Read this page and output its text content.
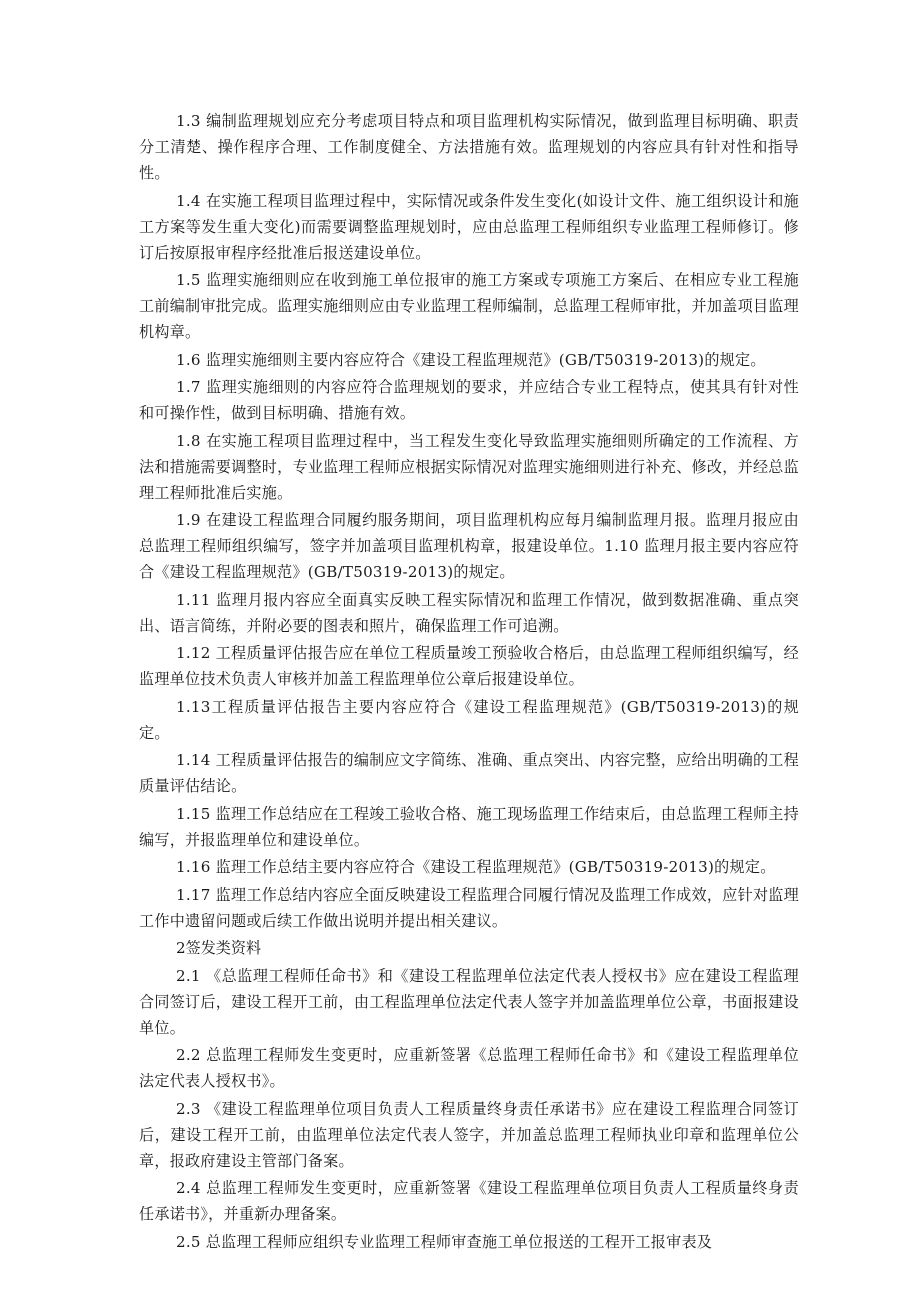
1.3 编制监理规划应充分考虑项目特点和项目监理机构实际情况，做到监理目标明确、职责分工清楚、操作程序合理、工作制度健全、方法措施有效。监理规划的内容应具有针对性和指导性。

1.4 在实施工程项目监理过程中，实际情况或条件发生变化(如设计文件、施工组织设计和施工方案等发生重大变化)而需要调整监理规划时，应由总监理工程师组织专业监理工程师修订。修订后按原报审程序经批准后报送建设单位。

1.5 监理实施细则应在收到施工单位报审的施工方案或专项施工方案后、在相应专业工程施工前编制审批完成。监理实施细则应由专业监理工程师编制，总监理工程师审批，并加盖项目监理机构章。

1.6 监理实施细则主要内容应符合《建设工程监理规范》(GB/T50319-2013)的规定。

1.7 监理实施细则的内容应符合监理规划的要求，并应结合专业工程特点，使其具有针对性和可操作性，做到目标明确、措施有效。

1.8 在实施工程项目监理过程中，当工程发生变化导致监理实施细则所确定的工作流程、方法和措施需要调整时，专业监理工程师应根据实际情况对监理实施细则进行补充、修改，并经总监理工程师批准后实施。

1.9 在建设工程监理合同履约服务期间，项目监理机构应每月编制监理月报。监理月报应由总监理工程师组织编写，签字并加盖项目监理机构章，报建设单位。1.10 监理月报主要内容应符合《建设工程监理规范》(GB/T50319-2013)的规定。

1.11 监理月报内容应全面真实反映工程实际情况和监理工作情况，做到数据准确、重点突出、语言简练，并附必要的图表和照片，确保监理工作可追溯。

1.12 工程质量评估报告应在单位工程质量竣工预验收合格后，由总监理工程师组织编写，经监理单位技术负责人审核并加盖工程监理单位公章后报建设单位。

1.13工程质量评估报告主要内容应符合《建设工程监理规范》(GB/T50319-2013)的规定。

1.14 工程质量评估报告的编制应文字简练、准确、重点突出、内容完整，应给出明确的工程质量评估结论。

1.15 监理工作总结应在工程竣工验收合格、施工现场监理工作结束后，由总监理工程师主持编写，并报监理单位和建设单位。

1.16 监理工作总结主要内容应符合《建设工程监理规范》(GB/T50319-2013)的规定。

1.17 监理工作总结内容应全面反映建设工程监理合同履行情况及监理工作成效，应针对监理工作中遗留问题或后续工作做出说明并提出相关建议。

2签发类资料

2.1 《总监理工程师任命书》和《建设工程监理单位法定代表人授权书》应在建设工程监理合同签订后，建设工程开工前，由工程监理单位法定代表人签字并加盖监理单位公章，书面报建设单位。

2.2 总监理工程师发生变更时，应重新签署《总监理工程师任命书》和《建设工程监理单位法定代表人授权书》。

2.3 《建设工程监理单位项目负责人工程质量终身责任承诺书》应在建设工程监理合同签订后，建设工程开工前，由监理单位法定代表人签字，并加盖总监理工程师执业印章和监理单位公章，报政府建设主管部门备案。

2.4 总监理工程师发生变更时，应重新签署《建设工程监理单位项目负责人工程质量终身责任承诺书》，并重新办理备案。

2.5 总监理工程师应组织专业监理工程师审查施工单位报送的工程开工报审表及
